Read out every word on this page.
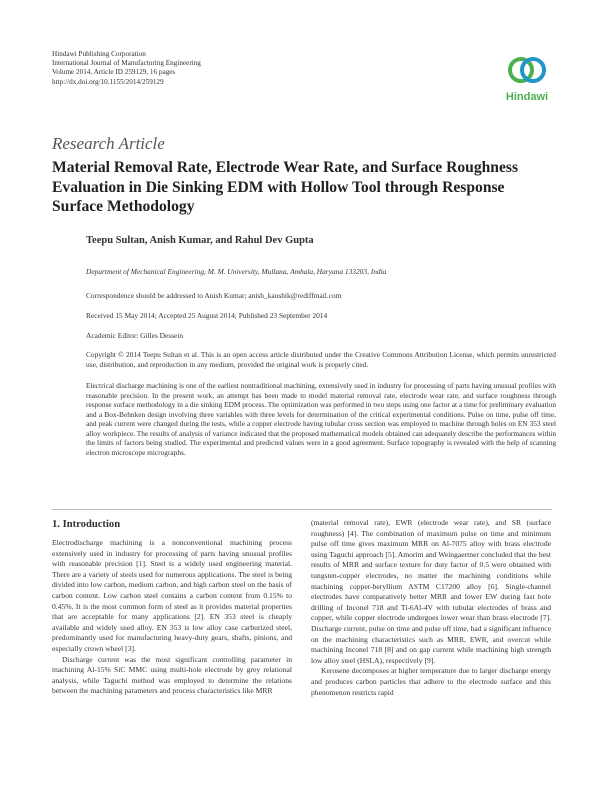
Hindawi Publishing Corporation
International Journal of Manufacturing Engineering
Volume 2014, Article ID 259129, 16 pages
http://dx.doi.org/10.1155/2014/259129
Hindawi
Research Article
Material Removal Rate, Electrode Wear Rate, and Surface Roughness Evaluation in Die Sinking EDM with Hollow Tool through Response Surface Methodology
Teepu Sultan, Anish Kumar, and Rahul Dev Gupta
Department of Mechanical Engineering, M. M. University, Mullana, Ambala, Haryana 133203, India
Correspondence should be addressed to Anish Kumar; anish_kaushik@rediffmail.com
Received 15 May 2014; Accepted 25 August 2014; Published 23 September 2014
Academic Editor: Gilles Dessein
Copyright © 2014 Teepu Sultan et al. This is an open access article distributed under the Creative Commons Attribution License, which permits unrestricted use, distribution, and reproduction in any medium, provided the original work is properly cited.
Electrical discharge machining is one of the earliest nontraditional machining, extensively used in industry for processing of parts having unusual profiles with reasonable precision. In the present work, an attempt has been made to model material removal rate, electrode wear rate, and surface roughness through response surface methodology in a die sinking EDM process. The optimization was performed in two steps using one factor at a time for preliminary evaluation and a Box-Behnken design involving three variables with three levels for determination of the critical experimental conditions. Pulse on time, pulse off time, and peak current were changed during the tests, while a copper electrode having tubular cross section was employed to machine through holes on EN 353 steel alloy workpiece. The results of analysis of variance indicated that the proposed mathematical models obtained can adequately describe the performances within the limits of factors being studied. The experimental and predicted values were in a good agreement. Surface topography is revealed with the help of scanning electron microscope micrographs.
1. Introduction

Electrodischarge machining is a nonconventional machining process extensively used in industry for processing of parts having unusual profiles with reasonable precision [1]. Steel is a widely used engineering material. There are a variety of steels used for numerous applications. The steel is being divided into low carbon, medium carbon, and high carbon steel on the basis of carbon content. Low carbon steel contains a carbon content from 0.15% to 0.45%. It is the most common form of steel as it provides material properties that are acceptable for many applications [2]. EN 353 steel is cheaply available and widely used alloy. EN 353 is low alloy case carburized steel, predominantly used for manufacturing heavy-duty gears, shafts, pinions, and especially crown wheel [3].

Discharge current was the most significant controlling parameter in machining Al-15% SiC MMC using multi-hole electrode by grey relational analysis, while Taguchi method was employed to determine the relations between the machining parameters and process characteristics like MRR

(material removal rate), EWR (electrode wear rate), and SR (surface roughness) [4]. The combination of maximum pulse on time and minimum pulse off time gives maximum MRR on Al-7075 alloy with brass electrode using Taguchi approach [5]. Amorim and Weingaertner concluded that the best results of MRR and surface texture for duty factor of 0.5 were obtained with tungsten-copper electrodes, no matter the machining conditions while machining copper-beryllium ASTM C17200 alloy [6]. Single-channel electrodes have comparatively better MRR and lower EW during fast hole drilling of Inconel 718 and Ti-6Al-4V with tubular electrodes of brass and copper, while copper electrode undergoes lower wear than brass electrode [7]. Discharge current, pulse on time and pulse off time, had a significant influence on the machining characteristics such as MRR, EWR, and overcut while machining Inconel 718 [8] and on gap current while machining high strength low alloy steel (HSLA), respectively [9].

Kerosene decomposes at higher temperature due to larger discharge energy and produces carbon particles that adhere to the electrode surface and this phenomenon restricts rapid
